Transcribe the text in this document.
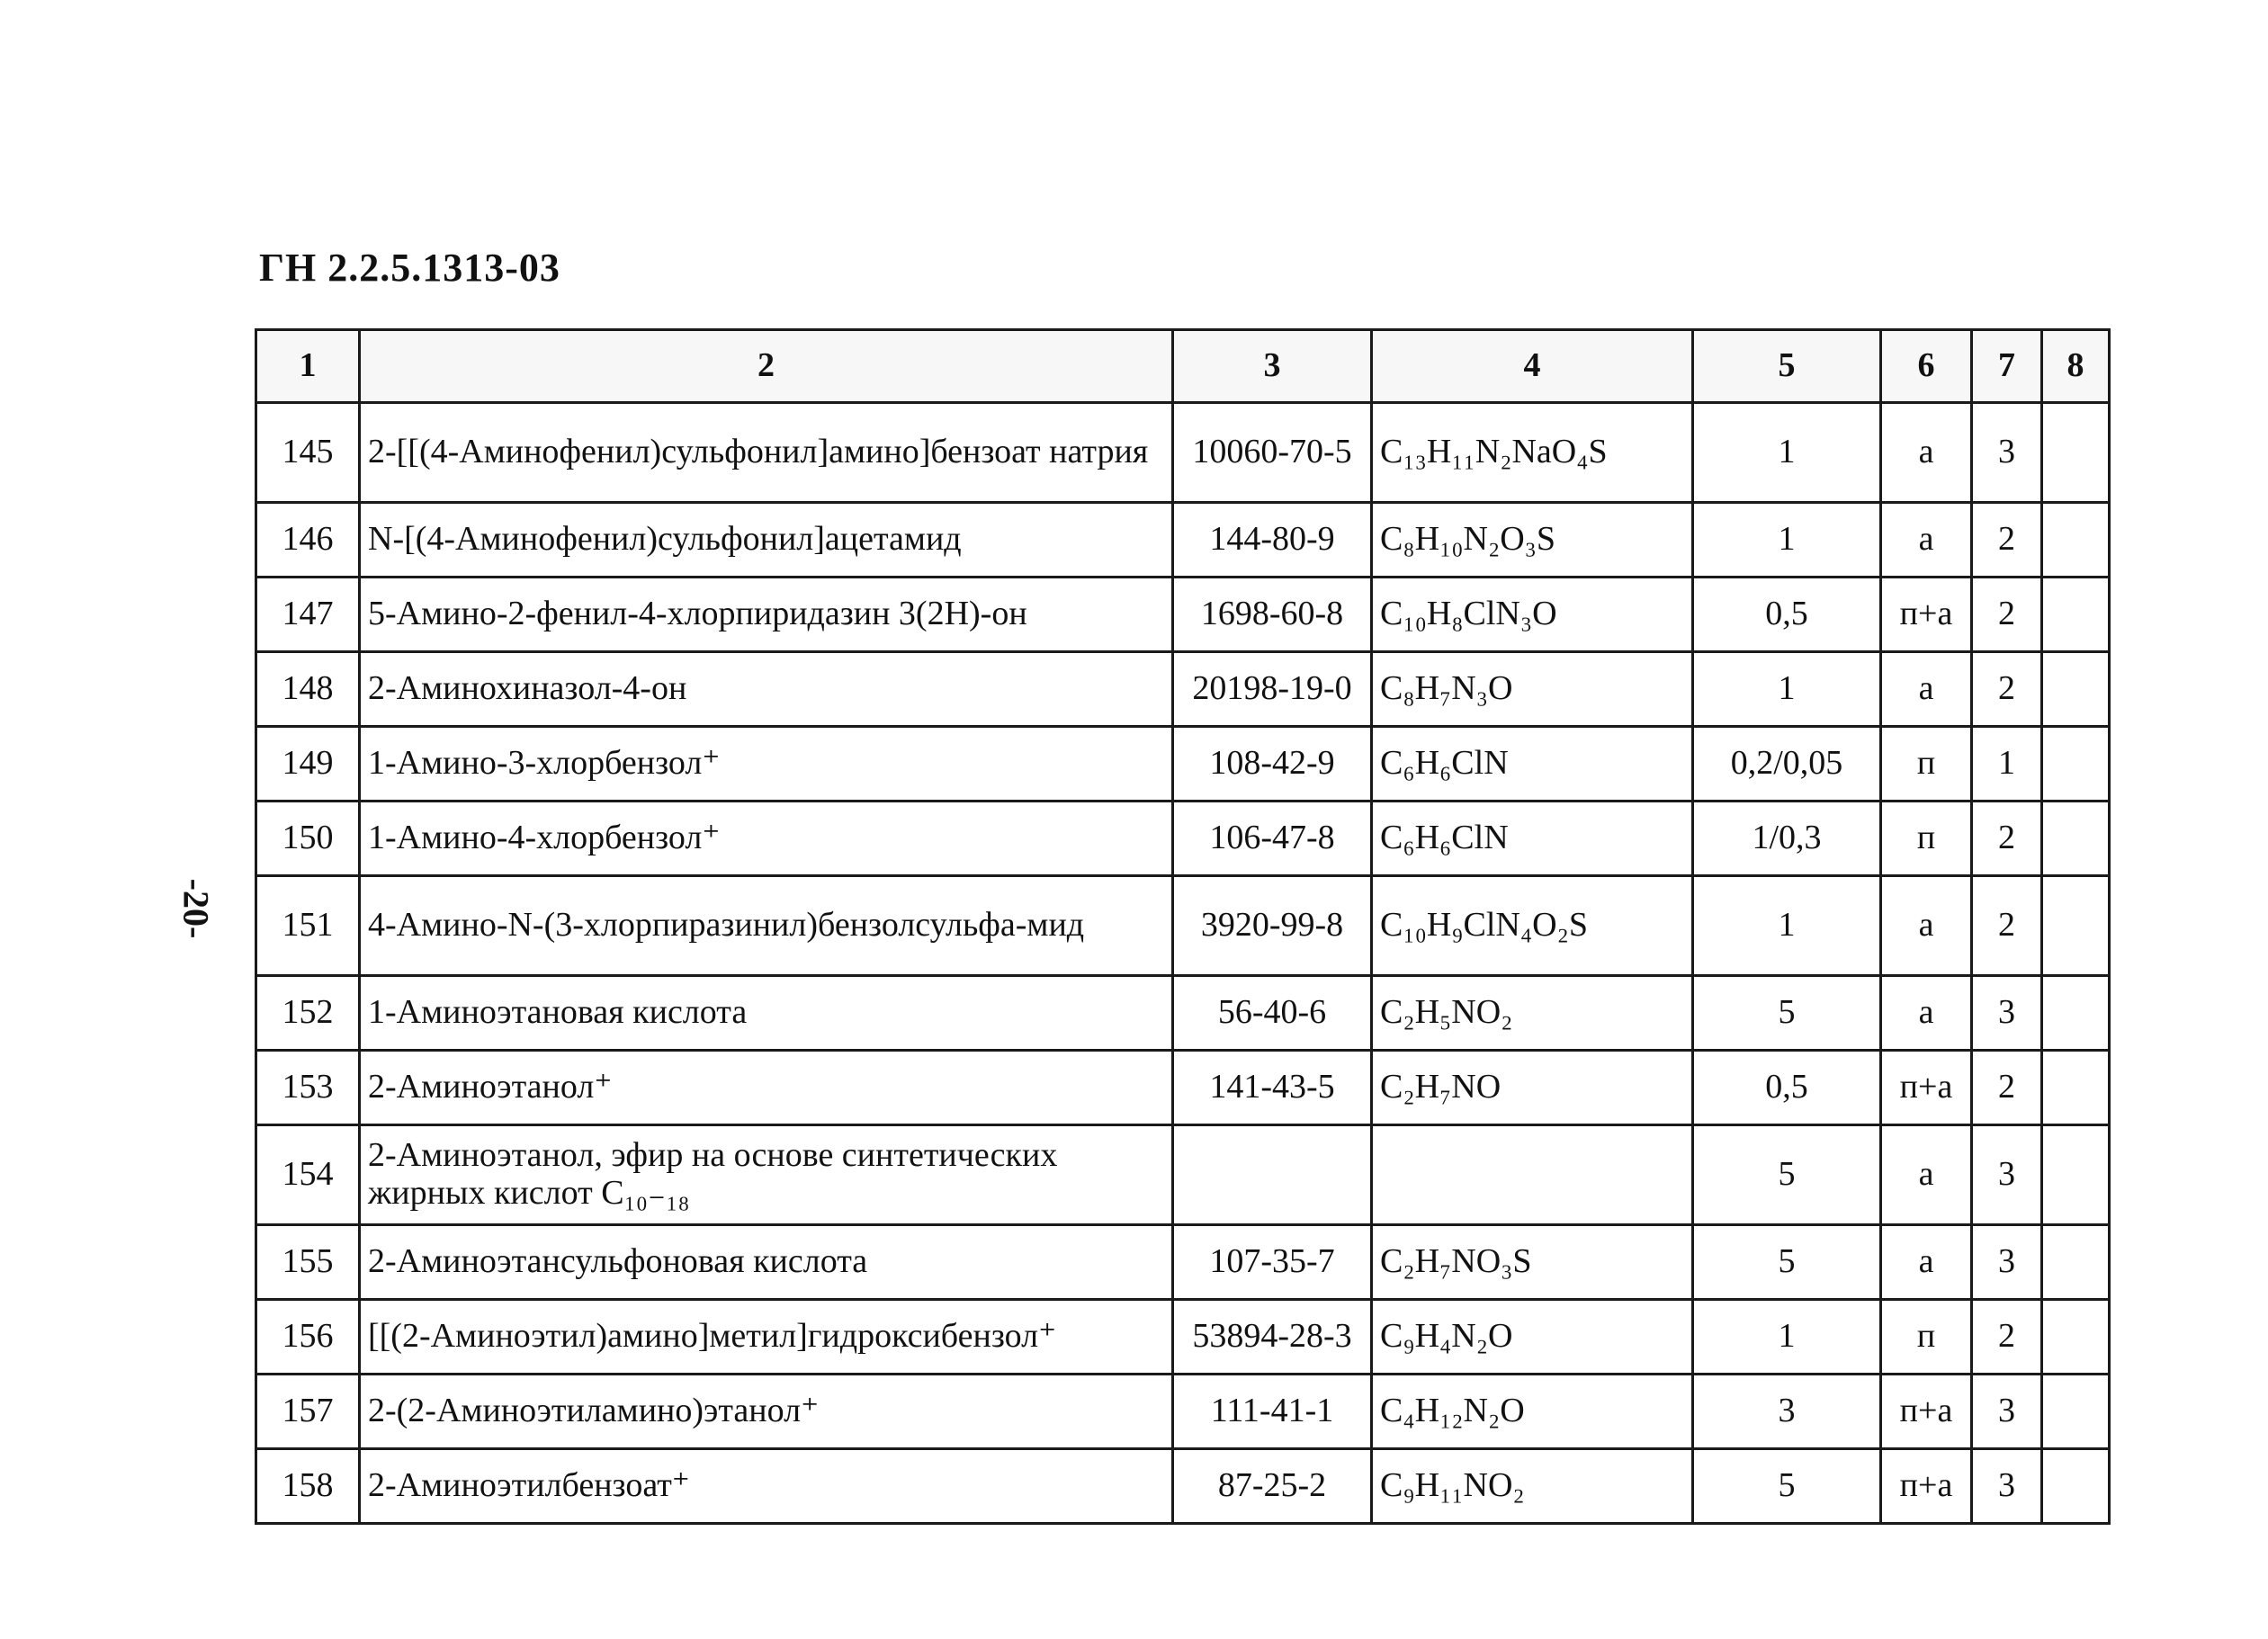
ГН 2.2.5.1313-03
-20-
1	2	3	4	5	6	7	8
145	2-[[(4-Аминофенил)сульфонил]амино]бензоат натрия	10060-70-5	C₁₃H₁₁N₂NaO₄S	1	а	3	
146	N-[(4-Аминофенил)сульфонил]ацетамид	144-80-9	C₈H₁₀N₂O₃S	1	а	2	
147	5-Амино-2-фенил-4-хлорпиридазин 3(2Н)-он	1698-60-8	C₁₀H₈ClN₃O	0,5	п+а	2	
148	2-Аминохиназол-4-он	20198-19-0	C₈H₇N₃O	1	а	2	
149	1-Амино-3-хлорбензол⁺	108-42-9	C₆H₆ClN	0,2/0,05	п	1	
150	1-Амино-4-хлорбензол⁺	106-47-8	C₆H₆ClN	1/0,3	п	2	
151	4-Амино-N-(3-хлорпиразинил)бензолсульфа-мид	3920-99-8	C₁₀H₉ClN₄O₂S	1	а	2	
152	1-Аминоэтановая кислота	56-40-6	C₂H₅NO₂	5	а	3	
153	2-Аминоэтанол⁺	141-43-5	C₂H₇NO	0,5	п+а	2	
154	2-Аминоэтанол, эфир на основе синтетических жирных кислот C₁₀₋₁₈			5	а	3	
155	2-Аминоэтансульфоновая кислота	107-35-7	C₂H₇NO₃S	5	а	3	
156	[[(2-Аминоэтил)амино]метил]гидроксибензол⁺	53894-28-3	C₉H₄N₂O	1	п	2	
157	2-(2-Аминоэтиламино)этанол⁺	111-41-1	C₄H₁₂N₂O	3	п+а	3	
158	2-Аминоэтилбензоат⁺	87-25-2	C₉H₁₁NO₂	5	п+а	3	
